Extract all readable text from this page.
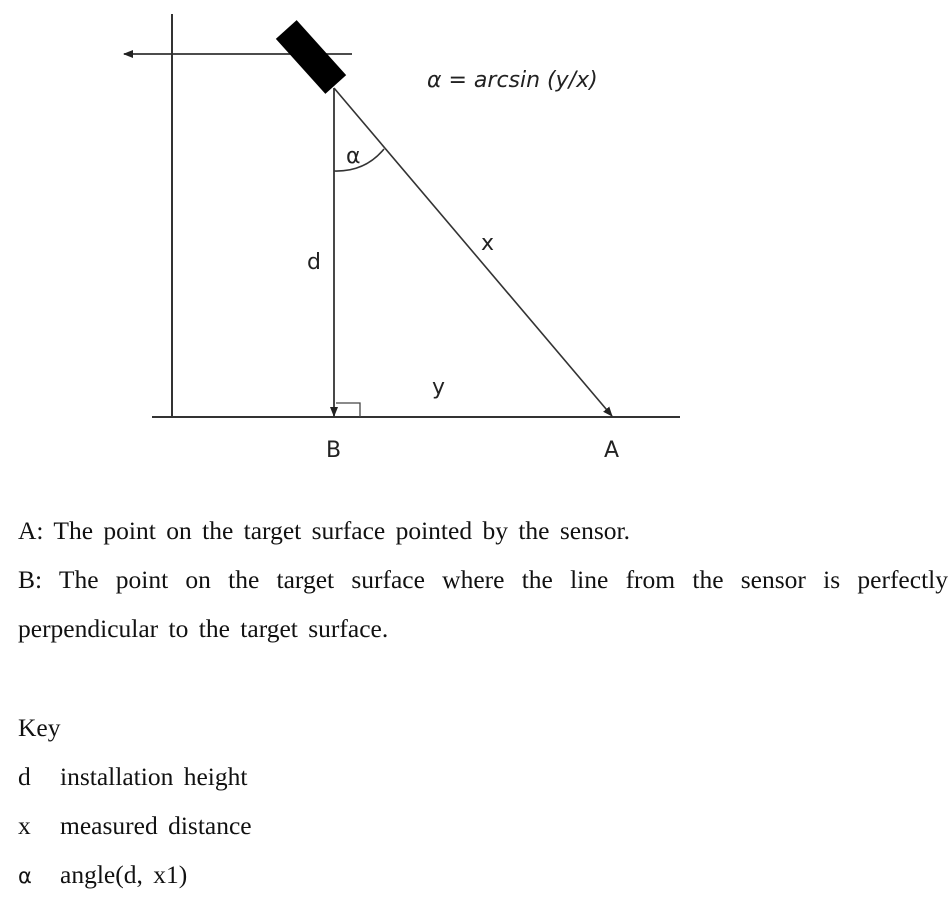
α = arcsin (y/x)
α
d
x
y
B	A
A: The point on the target surface pointed by the sensor.
B: The point on the target surface where the line from the sensor is perfectly perpendicular to the target surface.
Key
d installation height
x measured distance
α angle(d, x1)
